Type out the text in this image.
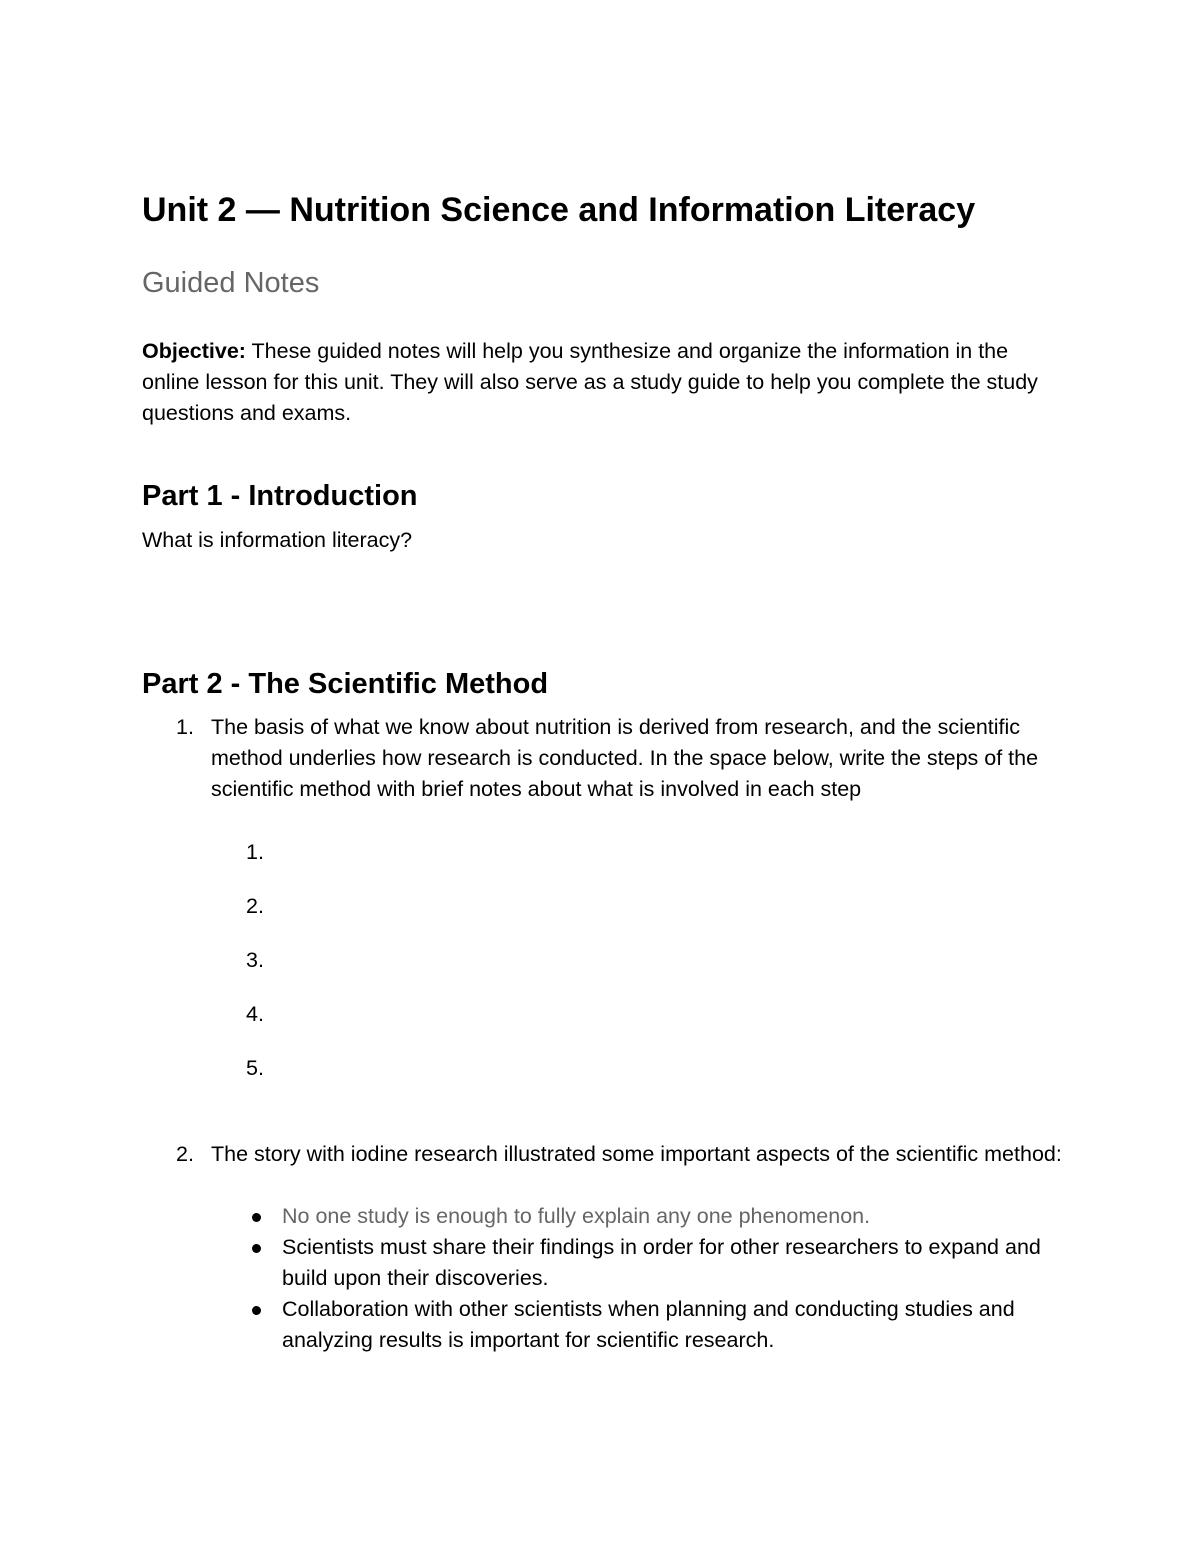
Unit 2 — Nutrition Science and Information Literacy
Guided Notes

Objective: These guided notes will help you synthesize and organize the information in the online lesson for this unit. They will also serve as a study guide to help you complete the study questions and exams.

Part 1 - Introduction

What is information literacy?

Part 2 - The Scientific Method
1. The basis of what we know about nutrition is derived from research, and the scientific method underlies how research is conducted. In the space below, write the steps of the scientific method with brief notes about what is involved in each step
1.
2.
3.
4.
5.
2. The story with iodine research illustrated some important aspects of the scientific method:
No one study is enough to fully explain any one phenomenon.
Scientists must share their findings in order for other researchers to expand and build upon their discoveries.
Collaboration with other scientists when planning and conducting studies and analyzing results is important for scientific research.
